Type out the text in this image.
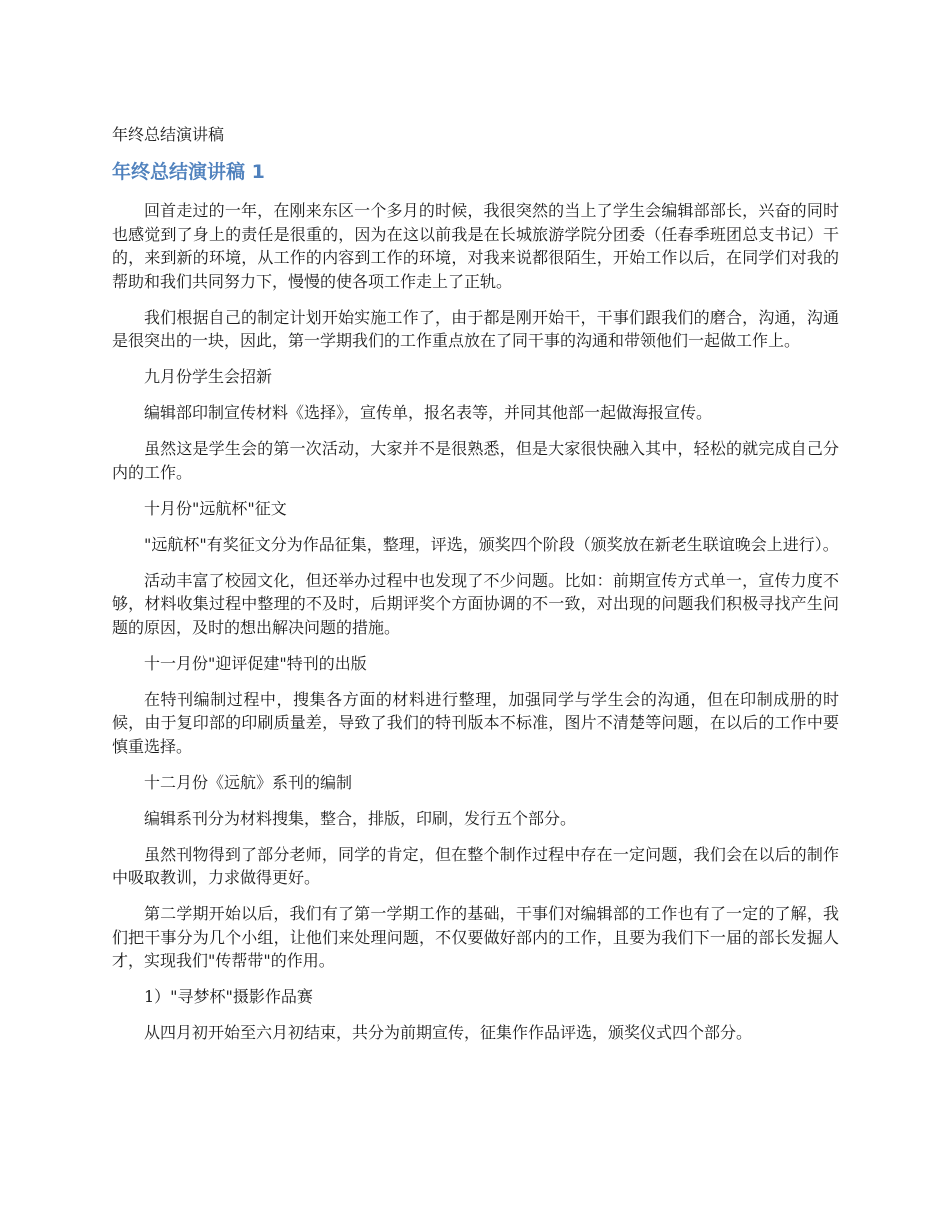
年终总结演讲稿
年终总结演讲稿 1

回首走过的一年，在刚来东区一个多月的时候，我很突然的当上了学生会编辑部部长，兴奋的同时也感觉到了身上的责任是很重的，因为在这以前我是在长城旅游学院分团委（任春季班团总支书记）干的，来到新的环境，从工作的内容到工作的环境，对我来说都很陌生，开始工作以后，在同学们对我的帮助和我们共同努力下，慢慢的使各项工作走上了正轨。

我们根据自己的制定计划开始实施工作了，由于都是刚开始干，干事们跟我们的磨合，沟通，沟通是很突出的一块，因此，第一学期我们的工作重点放在了同干事的沟通和带领他们一起做工作上。

九月份学生会招新

编辑部印制宣传材料《选择》，宣传单，报名表等，并同其他部一起做海报宣传。

虽然这是学生会的第一次活动，大家并不是很熟悉，但是大家很快融入其中，轻松的就完成自己分内的工作。

十月份"远航杯"征文

"远航杯"有奖征文分为作品征集，整理，评选，颁奖四个阶段（颁奖放在新老生联谊晚会上进行）。

活动丰富了校园文化，但还举办过程中也发现了不少问题。比如：前期宣传方式单一，宣传力度不够，材料收集过程中整理的不及时，后期评奖个方面协调的不一致，对出现的问题我们积极寻找产生问题的原因，及时的想出解决问题的措施。

十一月份"迎评促建"特刊的出版

在特刊编制过程中，搜集各方面的材料进行整理，加强同学与学生会的沟通，但在印制成册的时候，由于复印部的印刷质量差，导致了我们的特刊版本不标准，图片不清楚等问题，在以后的工作中要慎重选择。

十二月份《远航》系刊的编制

编辑系刊分为材料搜集，整合，排版，印刷，发行五个部分。

虽然刊物得到了部分老师，同学的肯定，但在整个制作过程中存在一定问题，我们会在以后的制作中吸取教训，力求做得更好。

第二学期开始以后，我们有了第一学期工作的基础，干事们对编辑部的工作也有了一定的了解，我们把干事分为几个小组，让他们来处理问题，不仅要做好部内的工作，且要为我们下一届的部长发掘人才，实现我们"传帮带"的作用。

1）"寻梦杯"摄影作品赛

从四月初开始至六月初结束，共分为前期宣传，征集作作品评选，颁奖仪式四个部分。
